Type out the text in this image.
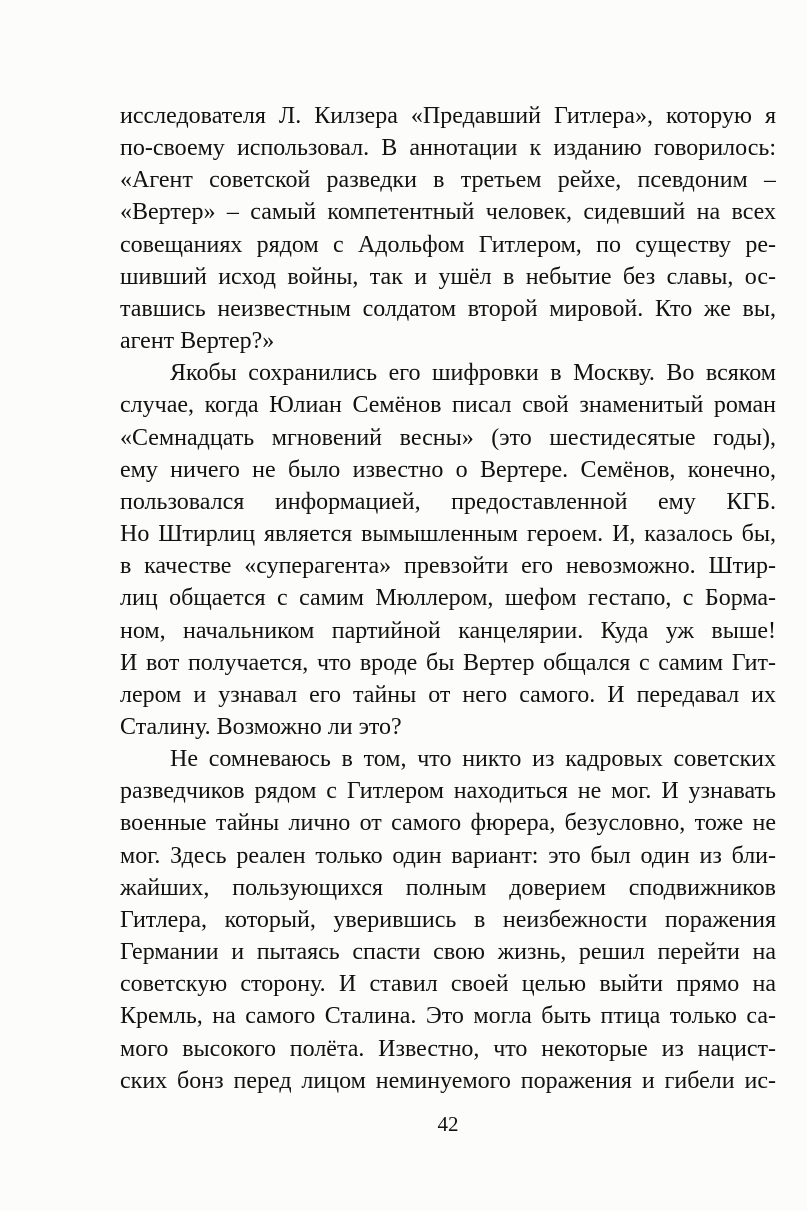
исследователя Л. Килзера «Предавший Гитлера», которую я
по-своему использовал. В аннотации к изданию говорилось:
«Агент советской разведки в третьем рейхе, псевдоним –
«Вертер» – самый компетентный человек, сидевший на всех
совещаниях рядом с Адольфом Гитлером, по существу ре-
шивший исход войны, так и ушёл в небытие без славы, ос-
тавшись неизвестным солдатом второй мировой. Кто же вы,
агент Вертер?»

Якобы сохранились его шифровки в Москву. Во всяком
случае, когда Юлиан Семёнов писал свой знаменитый роман
«Семнадцать мгновений весны» (это шестидесятые годы),
ему ничего не было известно о Вертере. Семёнов, конечно,
пользовался информацией, предоставленной ему КГБ.
Но Штирлиц является вымышленным героем. И, казалось бы,
в качестве «суперагента» превзойти его невозможно. Штир-
лиц общается с самим Мюллером, шефом гестапо, с Борма-
ном, начальником партийной канцелярии. Куда уж выше!
И вот получается, что вроде бы Вертер общался с самим Гит-
лером и узнавал его тайны от него самого. И передавал их
Сталину. Возможно ли это?

Не сомневаюсь в том, что никто из кадровых советских
разведчиков рядом с Гитлером находиться не мог. И узнавать
военные тайны лично от самого фюрера, безусловно, тоже не
мог. Здесь реален только один вариант: это был один из бли-
жайших, пользующихся полным доверием сподвижников
Гитлера, который, уверившись в неизбежности поражения
Германии и пытаясь спасти свою жизнь, решил перейти на
советскую сторону. И ставил своей целью выйти прямо на
Кремль, на самого Сталина. Это могла быть птица только са-
мого высокого полёта. Известно, что некоторые из нацист-
ских бонз перед лицом неминуемого поражения и гибели ис-

42
